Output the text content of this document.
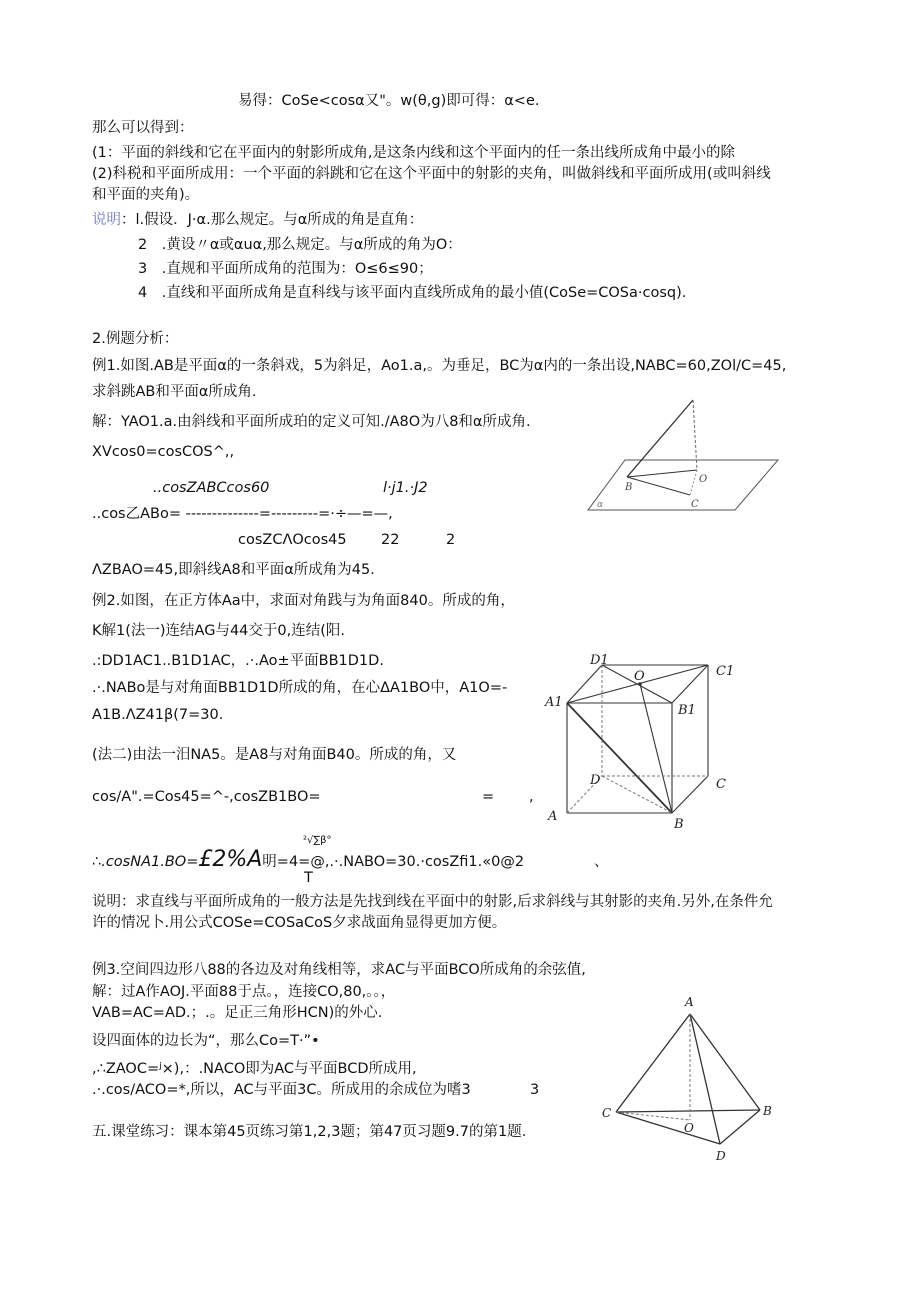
易得：CoSe<cosα又"。w(θ,g)即可得：α<e.
那么可以得到：
(1：平面的斜线和它在平面内的射影所成角,是这条内线和这个平面内的任一条出线所成角中最小的除
(2)科税和平面所成用：一个平面的斜跳和它在这个平面中的射影的夹角，叫做斜线和平面所成用(或叫斜线
和平面的夹角)。
说明：l.假设．J·α.那么规定。与α所成的角是直角：
2　.黄设〃α或αuα,那么规定。与α所成的角为O：
3　.直规和平面所成角的范围为：O≤6≤90；
4　.直线和平面所成角是直科线与该平面内直线所成角的最小值(CoSe=COSa·cosq).
2.例题分析：
例1.如图.AB是平面α的一条斜戏，5为斜足，Ao1.a,。为垂足，BC为α内的一条出设,NABC=60,ZOl/C=45,
求斜跳AB和平面α所成角.
解：YAO1.a.由斜线和平面所成珀的定义可知./A8O为八8和α所成角.
XVcos0=cosCOS^,,
..cosZABCcos60	l·j1.·J2
..cos乙ABo= --------------=---------=·÷—=—,
cosZCΛOcos45 22	2
ΛZBAO=45,即斜线A8和平面α所成角为45.
B
O
C
α
例2.如图，在正方体Aa中，求面对角践与为角面840。所成的角，
K解1(法一)连结AG与44交于0,连结(阳.
.:DD1AC1..B1D1AC，.·.Ao±平面BB1D1D.
.·.NABo是与对角面BB1D1D所成的角，在心ΔA1BO中，A1O=-
A1B.ΛZ41β(7=30.
(法二)由法一汨NA5。是A8与对角面B40。所成的角，又
cos/A".=Cos45=^-,cosZB1BO=	= ,
²√∑β°
∴.cosNA1.BO=£2%A明=4=@,.·.NABO=30.·cosZfi1.«0@2
T
、
说明：求直线与平面所成角的一般方法是先找到线在平面中的射影,后求斜线与其射影的夹角.另外,在条件允
许的情况卜.用公式COSe=COSaCoS夕求战面角显得更加方便。
D1
O	C1
A1
B1
D	C
A
B
例3.空间四边形八88的各边及对角线相等，求AC与平面BCO所成角的余弦值,
解：过A作AOJ.平面88于点。，连接CO,80,。。，
VAB=AC=AD.；.。足正三角形HCN)的外心.
设四面体的边长为“，那么Co=T·”•
,∴ZAOC=ʲ×),：.NACO即为AC与平面BCD所成用,
.·.cos/ACO=*,所以，AC与平面3C。所成用的余成位为嗜3	3
A
C
O
D
B
五.课堂练习：课本第45页练习第1,2,3题；第47页习题9.7的第1题.
